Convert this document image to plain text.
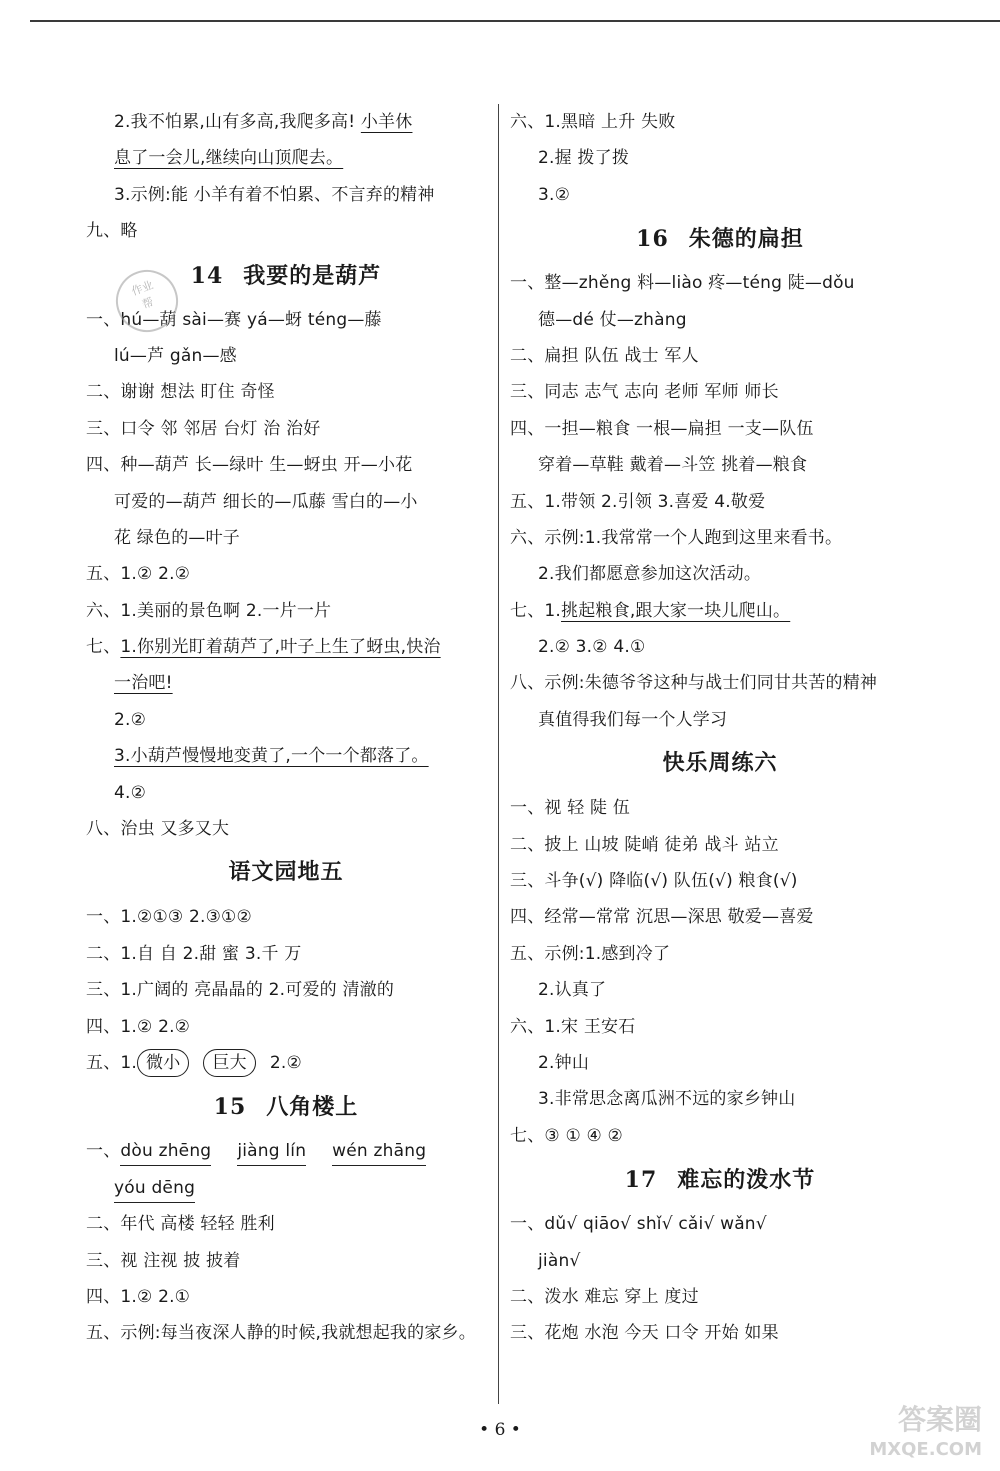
2.我不怕累,山有多高,我爬多高! 小羊休
息了一会儿,继续向山顶爬去。
3.示例:能 小羊有着不怕累、不言弃的精神
九、略
14 我要的是葫芦
一、hú—葫 sài—赛 yá—蚜 téng—藤
lú—芦 gǎn—感
二、谢谢 想法 盯住 奇怪
三、口令 邻 邻居 台灯 治 治好
四、种—葫芦 长—绿叶 生—蚜虫 开—小花
可爱的—葫芦 细长的—瓜藤 雪白的—小
花 绿色的—叶子
五、1.② 2.②
六、1.美丽的景色啊 2.一片一片
七、1.你别光盯着葫芦了,叶子上生了蚜虫,快治
一治吧!
2.②
3.小葫芦慢慢地变黄了,一个一个都落了。
4.②
八、治虫 又多又大
语文园地五
一、1.②①③ 2.③①②
二、1.自 自 2.甜 蜜 3.千 万
三、1.广阔的 亮晶晶的 2.可爱的 清澈的
四、1.② 2.②
五、1. 微小 巨大 2.②
15 八角楼上
一、dòu zhēng jiàng lín wén zhāng
yóu dēng
二、年代 高楼 轻轻 胜利
三、视 注视 披 披着
四、1.② 2.①
五、示例:每当夜深人静的时候,我就想起我的家乡。
六、1.黑暗 上升 失败
2.握 拨了拨
3.②
16 朱德的扁担
一、整—zhěng 料—liào 疼—téng 陡—dǒu
德—dé 仗—zhàng
二、扁担 队伍 战士 军人
三、同志 志气 志向 老师 军师 师长
四、一担—粮食 一根—扁担 一支—队伍
穿着—草鞋 戴着—斗笠 挑着—粮食
五、1.带领 2.引领 3.喜爱 4.敬爱
六、示例:1.我常常一个人跑到这里来看书。
2.我们都愿意参加这次活动。
七、1.挑起粮食,跟大家一块儿爬山。
2.② 3.② 4.①
八、示例:朱德爷爷这种与战士们同甘共苦的精神
真值得我们每一个人学习
快乐周练六
一、视 轻 陡 伍
二、披上 山坡 陡峭 徒弟 战斗 站立
三、斗争(√) 降临(√) 队伍(√) 粮食(√)
四、经常—常常 沉思—深思 敬爱—喜爱
五、示例:1.感到冷了
2.认真了
六、1.宋 王安石
2.钟山
3.非常思念离瓜洲不远的家乡钟山
七、③ ① ④ ②
17 难忘的泼水节
一、dǔ√ qiāo√ shǐ√ cǎi√ wǎn√
jiàn√
二、泼水 难忘 穿上 度过
三、花炮 水泡 今天 口令 开始 如果
作业
帮
• 6 •	答案圈
MXQE.COM
